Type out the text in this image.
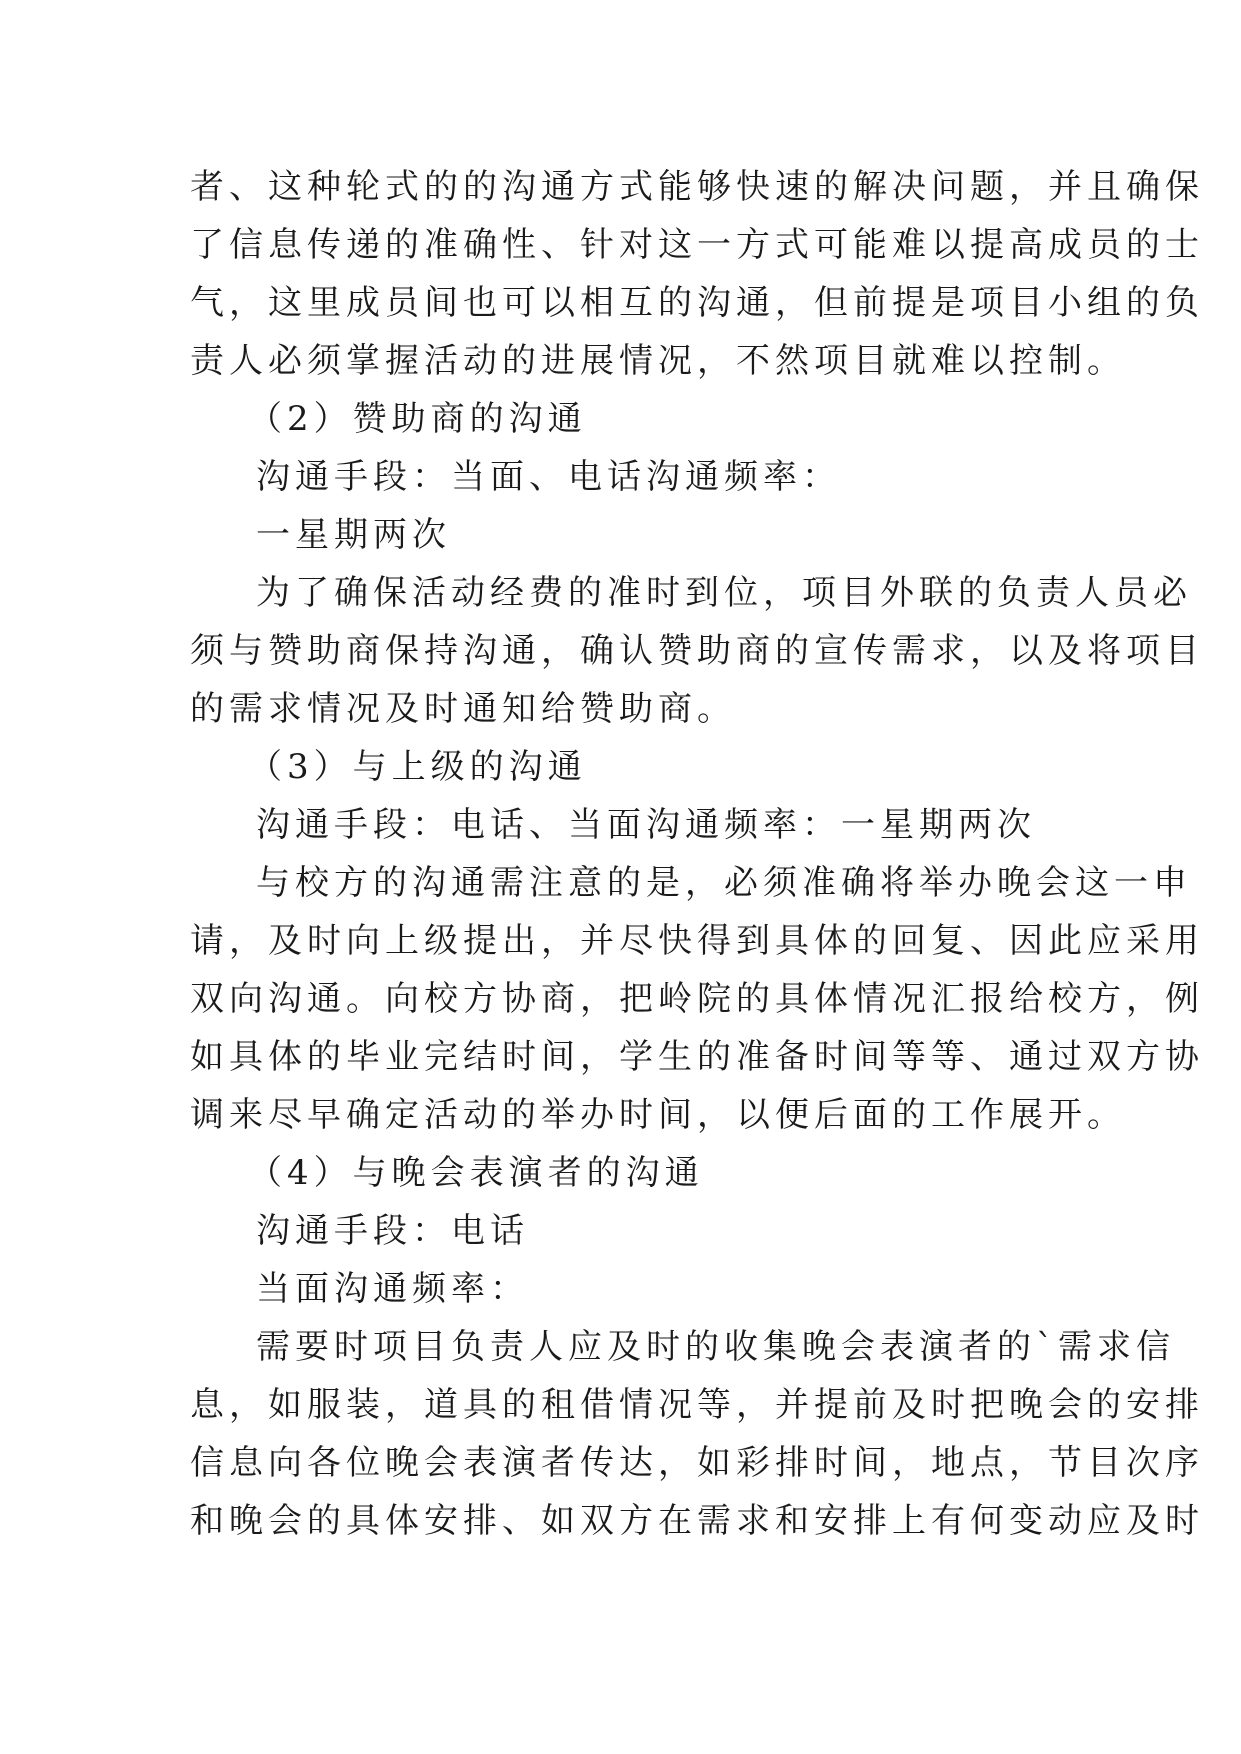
者、这种轮式的的沟通方式能够快速的解决问题，并且确保
了信息传递的准确性、针对这一方式可能难以提高成员的士
气，这里成员间也可以相互的沟通，但前提是项目小组的负
责人必须掌握活动的进展情况，不然项目就难以控制。
（2）赞助商的沟通
沟通手段：当面、电话沟通频率：
一星期两次
为了确保活动经费的准时到位，项目外联的负责人员必
须与赞助商保持沟通，确认赞助商的宣传需求，以及将项目
的需求情况及时通知给赞助商。
（3）与上级的沟通
沟通手段：电话、当面沟通频率：一星期两次
与校方的沟通需注意的是，必须准确将举办晚会这一申
请，及时向上级提出，并尽快得到具体的回复、因此应采用
双向沟通。向校方协商，把岭院的具体情况汇报给校方，例
如具体的毕业完结时间，学生的准备时间等等、通过双方协
调来尽早确定活动的举办时间，以便后面的工作展开。
（4）与晚会表演者的沟通
沟通手段：电话
当面沟通频率：
需要时项目负责人应及时的收集晚会表演者的`需求信
息，如服装，道具的租借情况等，并提前及时把晚会的安排
信息向各位晚会表演者传达，如彩排时间，地点，节目次序
和晚会的具体安排、如双方在需求和安排上有何变动应及时
